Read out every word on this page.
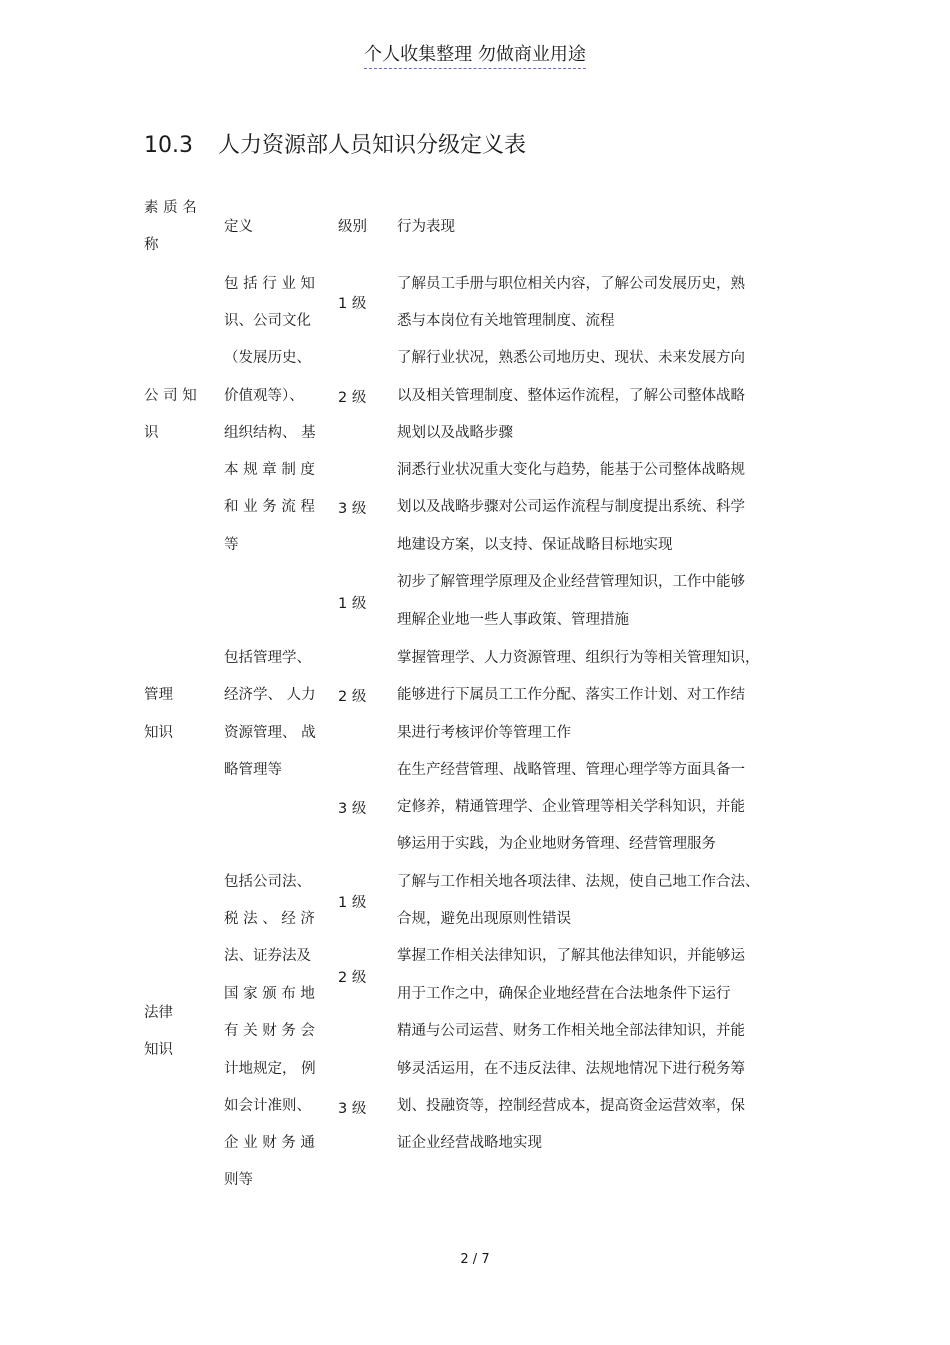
个人收集整理 勿做商业用途
10.3 人力资源部人员知识分级定义表
素 质 名
称
定义	级别 行为表现
公 司 知
识
包 括 行 业 知
识、公司文化
（发展历史、
价值观等）、
组织结构、 基
本 规 章 制 度
和 业 务 流 程
等
1 级
了解员工手册与职位相关内容，了解公司发展历史，熟
悉与本岗位有关地管理制度、流程
2 级
了解行业状况，熟悉公司地历史、现状、未来发展方向
以及相关管理制度、整体运作流程，了解公司整体战略
规划以及战略步骤
3 级
洞悉行业状况重大变化与趋势，能基于公司整体战略规
划以及战略步骤对公司运作流程与制度提出系统、科学
地建设方案，以支持、保证战略目标地实现
管理
知识
包括管理学、
经济学、 人力
资源管理、 战
略管理等
1 级
初步了解管理学原理及企业经营管理知识，工作中能够
理解企业地一些人事政策、管理措施
2 级
掌握管理学、人力资源管理、组织行为等相关管理知识，
能够进行下属员工工作分配、落实工作计划、对工作结
果进行考核评价等管理工作
3 级
在生产经营管理、战略管理、管理心理学等方面具备一
定修养，精通管理学、企业管理等相关学科知识，并能
够运用于实践，为企业地财务管理、经营管理服务
法律
知识
包括公司法、
税 法 、 经 济
法、证券法及
国 家 颁 布 地
有 关 财 务 会
计地规定， 例
如会计准则、
企 业 财 务 通
则等
1 级
了解与工作相关地各项法律、法规，使自己地工作合法、
合规，避免出现原则性错误
2 级
掌握工作相关法律知识，了解其他法律知识，并能够运
用于工作之中，确保企业地经营在合法地条件下运行
3 级
精通与公司运营、财务工作相关地全部法律知识，并能
够灵活运用，在不违反法律、法规地情况下进行税务筹
划、投融资等，控制经营成本，提高资金运营效率，保
证企业经营战略地实现
2 / 7
